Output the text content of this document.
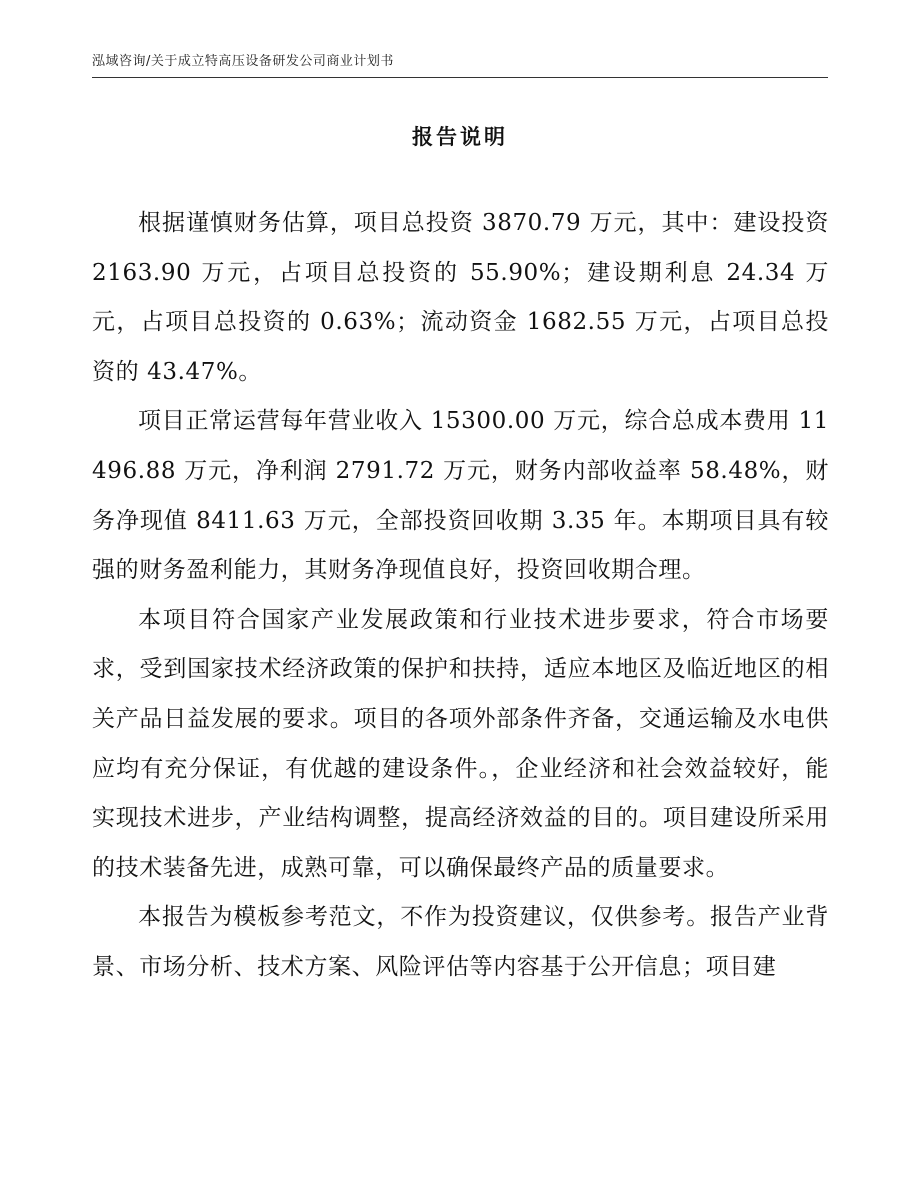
泓域咨询/关于成立特高压设备研发公司商业计划书
报告说明

根据谨慎财务估算，项目总投资 3870.79 万元，其中：建设投资 2163.90 万元，占项目总投资的 55.90%；建设期利息 24.34 万元，占项目总投资的 0.63%；流动资金 1682.55 万元，占项目总投资的 43.47%。

项目正常运营每年营业收入 15300.00 万元，综合总成本费用 11496.88 万元，净利润 2791.72 万元，财务内部收益率 58.48%，财务净现值 8411.63 万元，全部投资回收期 3.35 年。本期项目具有较强的财务盈利能力，其财务净现值良好，投资回收期合理。

本项目符合国家产业发展政策和行业技术进步要求，符合市场要求，受到国家技术经济政策的保护和扶持，适应本地区及临近地区的相关产品日益发展的要求。项目的各项外部条件齐备，交通运输及水电供应均有充分保证，有优越的建设条件。，企业经济和社会效益较好，能实现技术进步，产业结构调整，提高经济效益的目的。项目建设所采用的技术装备先进，成熟可靠，可以确保最终产品的质量要求。

本报告为模板参考范文，不作为投资建议，仅供参考。报告产业背景、市场分析、技术方案、风险评估等内容基于公开信息；项目建
